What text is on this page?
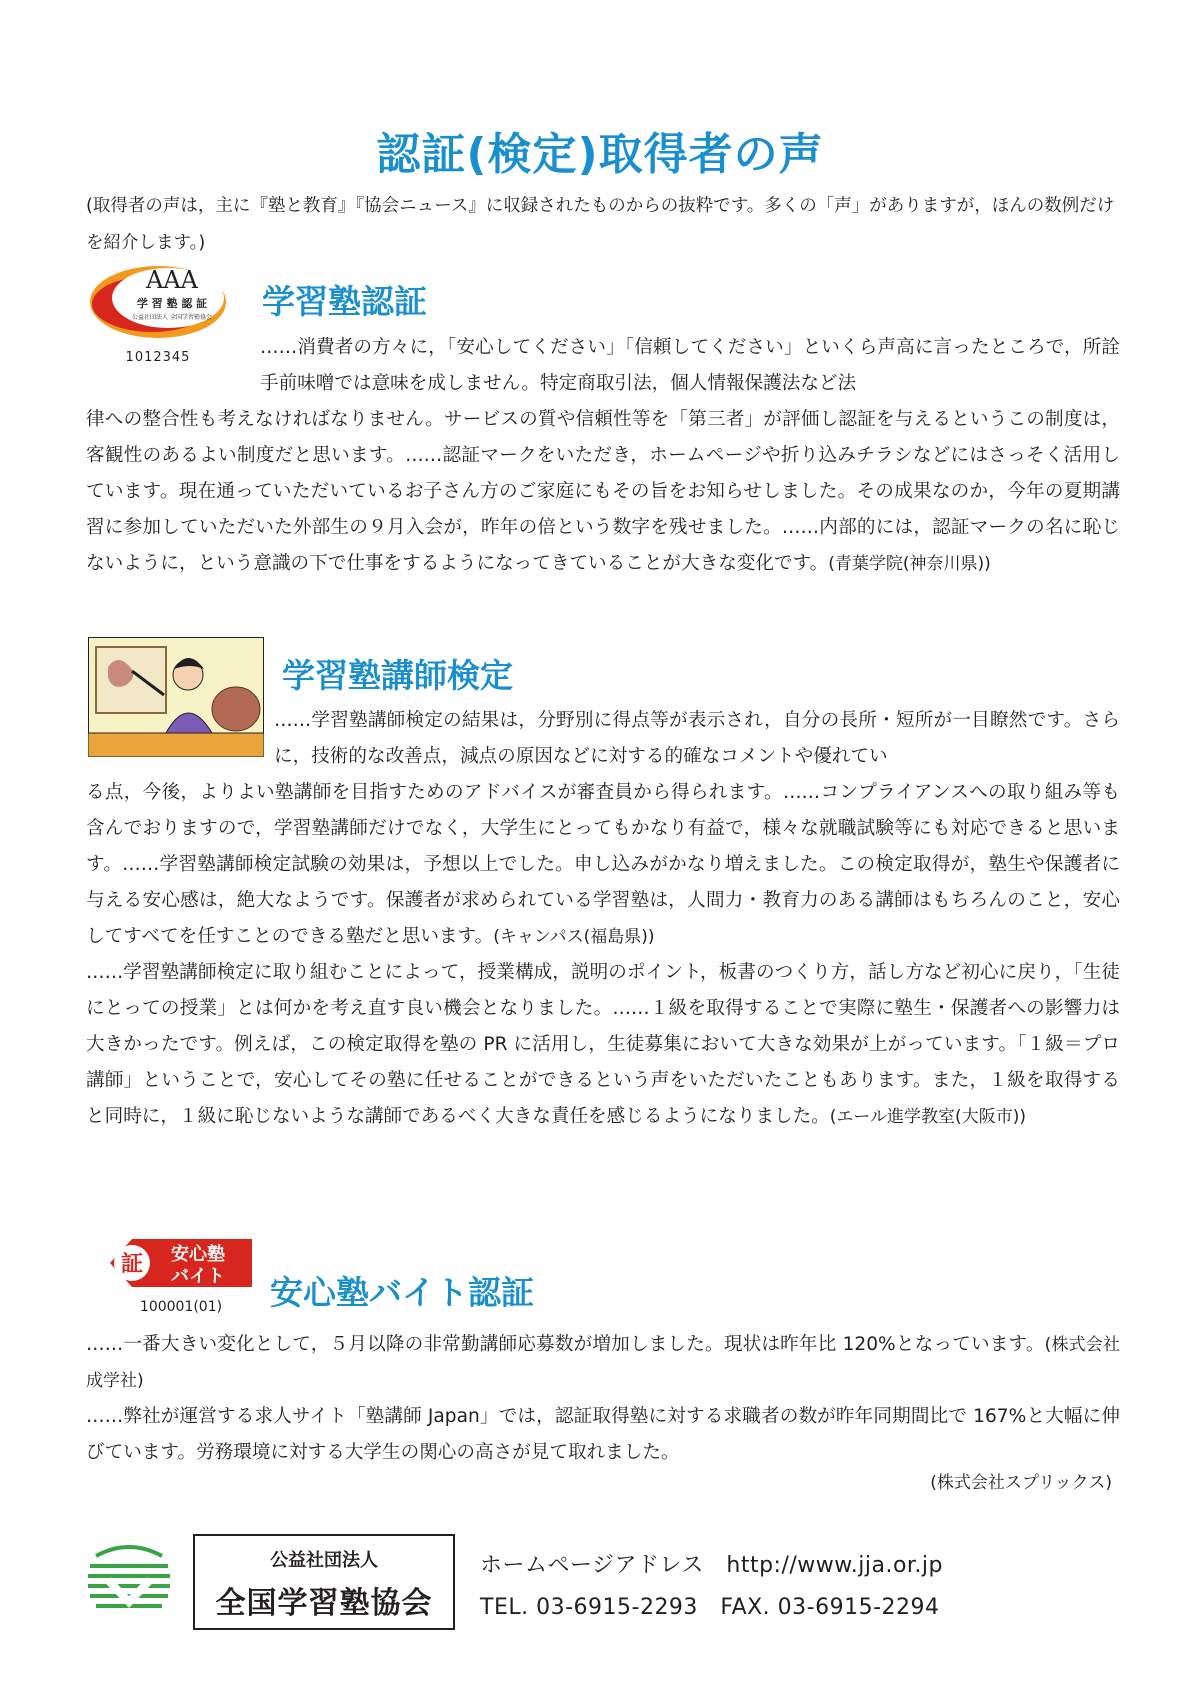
認証(検定)取得者の声

(取得者の声は，主に『塾と教育』『協会ニュース』に収録されたものからの抜粋です。多くの「声」がありますが，ほんの数例だけを紹介します。)

AAA
学 習 塾 認 証
公益社団法人 全国学習塾協会
1012345
学習塾認証

……消費者の方々に，「安心してください」「信頼してください」といくら声高に言ったところで，所詮手前味噌では意味を成しません。特定商取引法，個人情報保護法など法
律への整合性も考えなければなりません。サービスの質や信頼性等を「第三者」が評価し認証を与えるというこの制度は，客観性のあるよい制度だと思います。……認証マークをいただき，ホームページや折り込みチラシなどにはさっそく活用しています。現在通っていただいているお子さん方のご家庭にもその旨をお知らせしました。その成果なのか，今年の夏期講習に参加していただいた外部生の９月入会が，昨年の倍という数字を残せました。……内部的には，認証マークの名に恥じないように，という意識の下で仕事をするようになってきていることが大きな変化です。(青葉学院(神奈川県))

学習塾講師検定

……学習塾講師検定の結果は，分野別に得点等が表示され，自分の長所・短所が一目瞭然です。さらに，技術的な改善点，減点の原因などに対する的確なコメントや優れてい
る点，今後，よりよい塾講師を目指すためのアドバイスが審査員から得られます。……コンプライアンスへの取り組み等も含んでおりますので，学習塾講師だけでなく，大学生にとってもかなり有益で，様々な就職試験等にも対応できると思います。……学習塾講師検定試験の効果は，予想以上でした。申し込みがかなり増えました。この検定取得が，塾生や保護者に与える安心感は，絶大なようです。保護者が求められている学習塾は，人間力・教育力のある講師はもちろんのこと，安心してすべてを任すことのできる塾だと思います。(キャンパス(福島県))
……学習塾講師検定に取り組むことによって，授業構成，説明のポイント，板書のつくり方，話し方など初心に戻り，「生徒にとっての授業」とは何かを考え直す良い機会となりました。……１級を取得することで実際に塾生・保護者への影響力は大きかったです。例えば，この検定取得を塾の PR に活用し，生徒募集において大きな効果が上がっています。「１級＝プロ講師」ということで，安心してその塾に任せることができるという声をいただいたこともあります。また，１級を取得すると同時に，１級に恥じないような講師であるべく大きな責任を感じるようになりました。(エール進学教室(大阪市))

証 安心塾
バイト
100001(01)	安心塾バイト認証

……一番大きい変化として，５月以降の非常勤講師応募数が増加しました。現状は昨年比 120%となっています。(株式会社成学社)
……弊社が運営する求人サイト「塾講師 Japan」では，認証取得塾に対する求職者の数が昨年同期間比で 167%と大幅に伸びています。労務環境に対する大学生の関心の高さが見て取れました。

(株式会社スプリックス)

公益社団法人
全国学習塾協会

ホームページアドレス　http://www.jja.or.jp

TEL. 03-6915-2293　FAX. 03-6915-2294
